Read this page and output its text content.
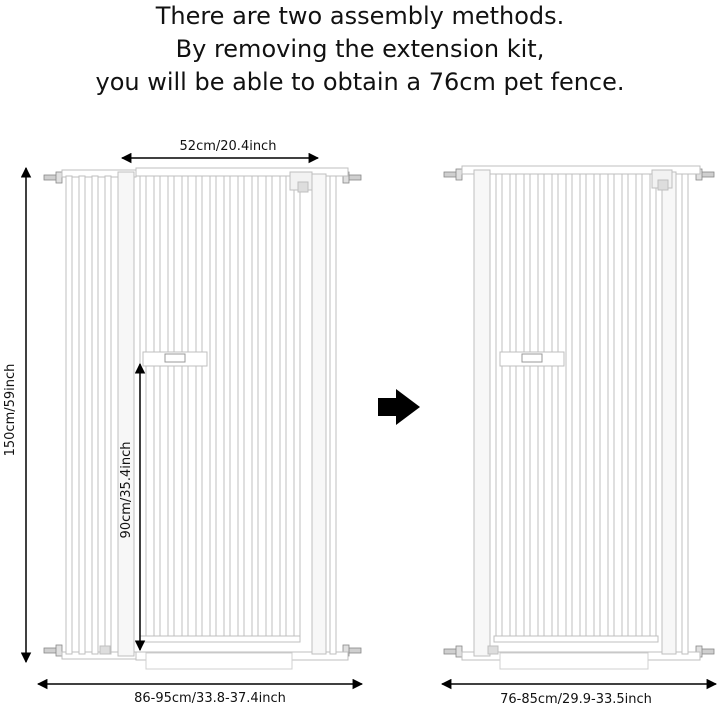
There are two assembly methods.
By removing the extension kit,
you will be able to obtain a 76cm pet fence.
52cm/20.4inch
150cm/59inch
90cm/35.4inch
86-95cm/33.8-37.4inch	76-85cm/29.9-33.5inch
